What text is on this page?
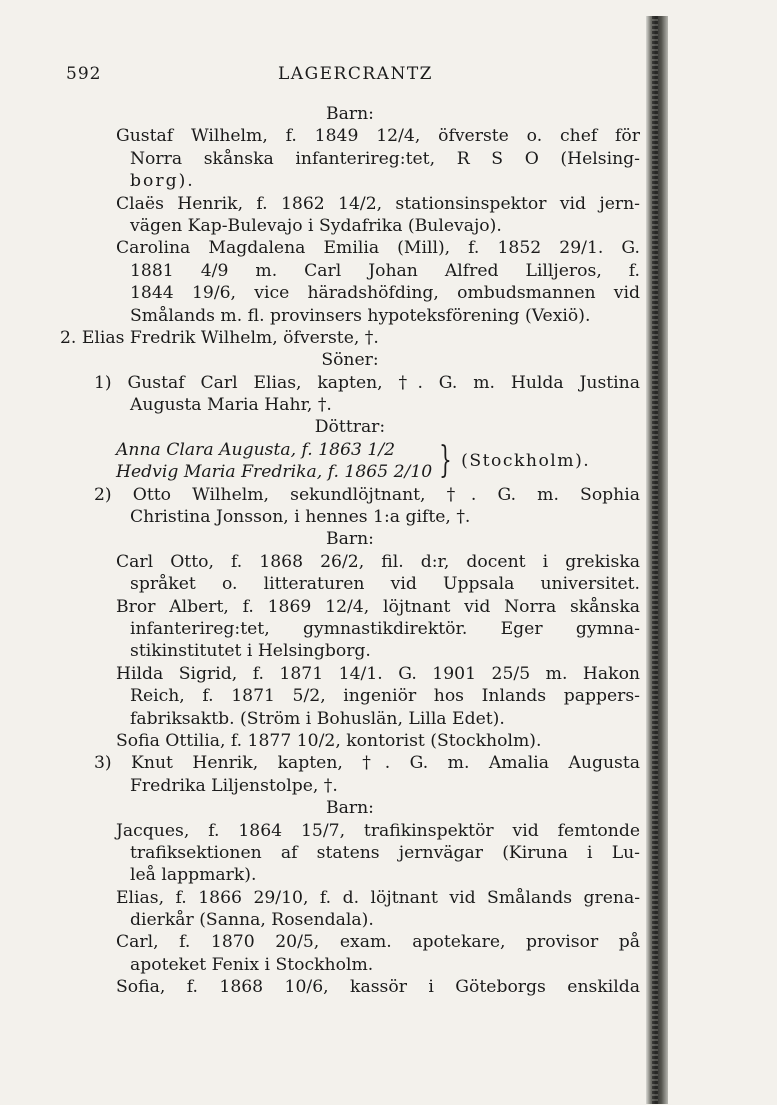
592	LAGERCRANTZ
Barn:
Gustaf Wilhelm, f. 1849 12/4, öfverste o. chef för
Norra skånska infanterireg:tet, R S O (Helsing-
borg).
Claës Henrik, f. 1862 14/2, stationsinspektor vid jern-
vägen Kap-Bulevajo i Sydafrika (Bulevajo).
Carolina Magdalena Emilia (Mill), f. 1852 29/1. G.
1881 4/9 m. Carl Johan Alfred Lilljeros, f.
1844 19/6, vice häradshöfding, ombudsmannen vid
Smålands m. fl. provinsers hypoteksförening (Vexiö).
2. Elias Fredrik Wilhelm, öfverste, †.
Söner:
1) Gustaf Carl Elias, kapten, †. G. m. Hulda Justina
Augusta Maria Hahr, †.
Döttrar:
Anna Clara Augusta, f. 1863 1/2
Hedvig Maria Fredrika, f. 1865 2/10 } (Stockholm).
2) Otto Wilhelm, sekundlöjtnant, †. G. m. Sophia
Christina Jonsson, i hennes 1:a gifte, †.
Barn:
Carl Otto, f. 1868 26/2, fil. d:r, docent i grekiska
språket o. litteraturen vid Uppsala universitet.
Bror Albert, f. 1869 12/4, löjtnant vid Norra skånska
infanterireg:tet, gymnastikdirektör. Eger gymna-
stikinstitutet i Helsingborg.
Hilda Sigrid, f. 1871 14/1. G. 1901 25/5 m. Hakon
Reich, f. 1871 5/2, ingeniör hos Inlands pappers-
fabriksaktb. (Ström i Bohuslän, Lilla Edet).
Sofia Ottilia, f. 1877 10/2, kontorist (Stockholm).
3) Knut Henrik, kapten, †. G. m. Amalia Augusta
Fredrika Liljenstolpe, †.
Barn:
Jacques, f. 1864 15/7, trafikinspektör vid femtonde
trafiksektionen af statens jernvägar (Kiruna i Lu-
leå lappmark).
Elias, f. 1866 29/10, f. d. löjtnant vid Smålands grena-
dierkår (Sanna, Rosendala).
Carl, f. 1870 20/5, exam. apotekare, provisor på
apoteket Fenix i Stockholm.
Sofia, f. 1868 10/6, kassör i Göteborgs enskilda
